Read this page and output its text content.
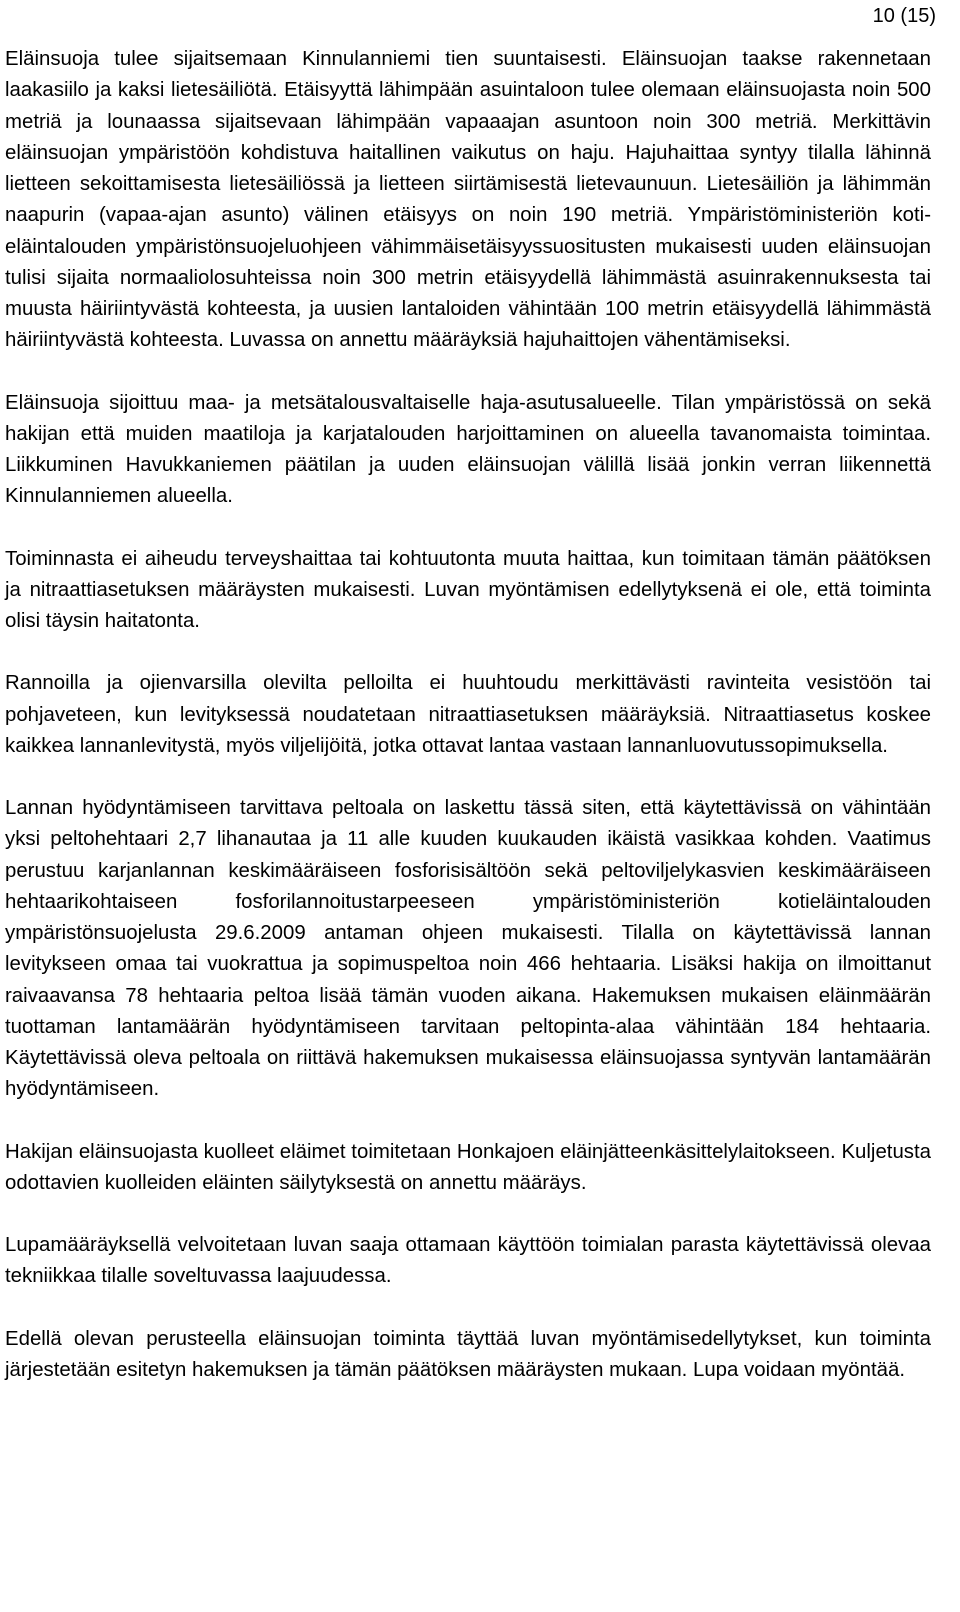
10 (15)

Eläinsuoja tulee sijaitsemaan Kinnulanniemi tien suuntaisesti. Eläinsuojan taakse rakennetaan laakasiilo ja kaksi lietesäiliötä. Etäisyyttä lähimpään asuintaloon tulee olemaan eläinsuojasta noin 500 metriä ja lounaassa sijaitsevaan lähimpään vapaaajan asuntoon noin 300 metriä. Merkittävin eläinsuojan ympäristöön kohdistuva haitallinen vaikutus on haju. Hajuhaittaa syntyy tilalla lähinnä lietteen sekoittamisesta lietesäiliössä ja lietteen siirtämisestä lietevaunuun. Lietesäiliön ja lähimmän naapurin (vapaa-ajan asunto) välinen etäisyys on noin 190 metriä. Ympäristöministeriön kotieläintalouden ympäristönsuojeluohjeen vähimmäisetäisyyssuositusten mukaisesti uuden eläinsuojan tulisi sijaita normaaliolosuhteissa noin 300 metrin etäisyydellä lähimmästä asuinrakennuksesta tai muusta häiriintyvästä kohteesta, ja uusien lantaloiden vähintään 100 metrin etäisyydellä lähimmästä häiriintyvästä kohteesta. Luvassa on annettu määräyksiä hajuhaittojen vähentämiseksi.

Eläinsuoja sijoittuu maa- ja metsätalousvaltaiselle haja-asutusalueelle. Tilan ympäristössä on sekä hakijan että muiden maatiloja ja karjatalouden harjoittaminen on alueella tavanomaista toimintaa. Liikkuminen Havukkaniemen päätilan ja uuden eläinsuojan välillä lisää jonkin verran liikennettä Kinnulanniemen alueella.

Toiminnasta ei aiheudu terveyshaittaa tai kohtuutonta muuta haittaa, kun toimitaan tämän päätöksen ja nitraattiasetuksen määräysten mukaisesti. Luvan myöntämisen edellytyksenä ei ole, että toiminta olisi täysin haitatonta.

Rannoilla ja ojienvarsilla olevilta pelloilta ei huuhtoudu merkittävästi ravinteita vesistöön tai pohjaveteen, kun levityksessä noudatetaan nitraattiasetuksen määräyksiä. Nitraattiasetus koskee kaikkea lannanlevitystä, myös viljelijöitä, jotka ottavat lantaa vastaan lannanluovutussopimuksella.

Lannan hyödyntämiseen tarvittava peltoala on laskettu tässä siten, että käytettävissä on vähintään yksi peltohehtaari 2,7 lihanautaa ja 11 alle kuuden kuukauden ikäistä vasikkaa kohden. Vaatimus perustuu karjanlannan keskimääräiseen fosforisisältöön sekä peltoviljelykasvien keskimääräiseen hehtaarikohtaiseen fosforilannoitustarpeeseen ympäristöministeriön kotieläintalouden ympäristönsuojelusta 29.6.2009 antaman ohjeen mukaisesti. Tilalla on käytettävissä lannan levitykseen omaa tai vuokrattua ja sopimuspeltoa noin 466 hehtaaria. Lisäksi hakija on ilmoittanut raivaavansa 78 hehtaaria peltoa lisää tämän vuoden aikana. Hakemuksen mukaisen eläinmäärän tuottaman lantamäärän hyödyntämiseen tarvitaan peltopinta-alaa vähintään 184 hehtaaria. Käytettävissä oleva peltoala on riittävä hakemuksen mukaisessa eläinsuojassa syntyvän lantamäärän hyödyntämiseen.

Hakijan eläinsuojasta kuolleet eläimet toimitetaan Honkajoen eläinjätteenkäsittelylaitokseen. Kuljetusta odottavien kuolleiden eläinten säilytyksestä on annettu määräys.

Lupamääräyksellä velvoitetaan luvan saaja ottamaan käyttöön toimialan parasta käytettävissä olevaa tekniikkaa tilalle soveltuvassa laajuudessa.

Edellä olevan perusteella eläinsuojan toiminta täyttää luvan myöntämisedellytykset, kun toiminta järjestetään esitetyn hakemuksen ja tämän päätöksen määräysten mukaan. Lupa voidaan myöntää.
